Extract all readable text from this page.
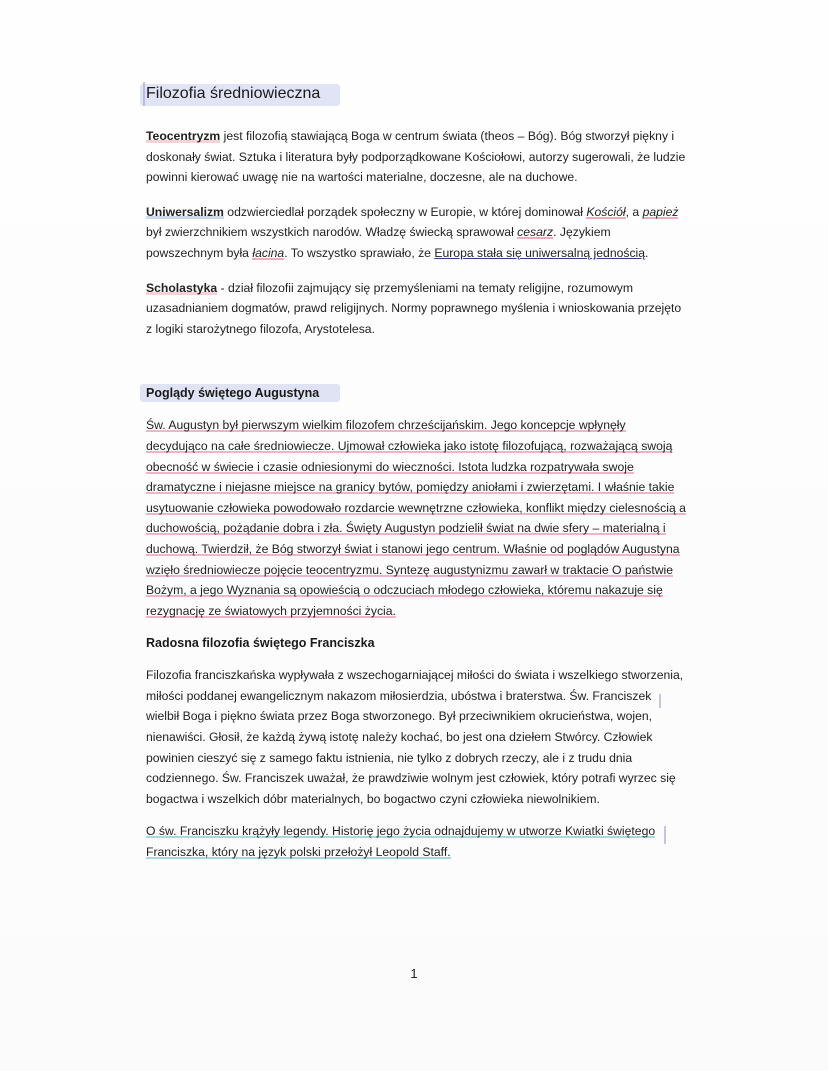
Filozofia średniowieczna

Teocentryzm jest filozofią stawiającą Boga w centrum świata (theos – Bóg). Bóg stworzył piękny i doskonały świat. Sztuka i literatura były podporządkowane Kościołowi, autorzy sugerowali, że ludzie powinni kierować uwagę nie na wartości materialne, doczesne, ale na duchowe.

Uniwersalizm odzwierciedlał porządek społeczny w Europie, w której dominował Kościół, a papież był zwierzchnikiem wszystkich narodów. Władzę świecką sprawował cesarz. Językiem powszechnym była łacina. To wszystko sprawiało, że Europa stała się uniwersalną jednością.

Scholastyka - dział filozofii zajmujący się przemyśleniami na tematy religijne, rozumowym uzasadnianiem dogmatów, prawd religijnych. Normy poprawnego myślenia i wnioskowania przejęto z logiki starożytnego filozofa, Arystotelesa.

Poglądy świętego Augustyna

Św. Augustyn był pierwszym wielkim filozofem chrześcijańskim. Jego koncepcje wpłynęły decydująco na całe średniowiecze. Ujmował człowieka jako istotę filozofującą, rozważającą swoją obecność w świecie i czasie odniesionymi do wieczności. Istota ludzka rozpatrywała swoje dramatyczne i niejasne miejsce na granicy bytów, pomiędzy aniołami i zwierzętami. I właśnie takie usytuowanie człowieka powodowało rozdarcie wewnętrzne człowieka, konflikt między cielesnością a duchowością, pożądanie dobra i zła. Święty Augustyn podzielił świat na dwie sfery – materialną i duchową. Twierdził, że Bóg stworzył świat i stanowi jego centrum. Właśnie od poglądów Augustyna wzięło średniowiecze pojęcie teocentryzmu. Syntezę augustynizmu zawarł w traktacie O państwie Bożym, a jego Wyznania są opowieścią o odczuciach młodego człowieka, któremu nakazuje się rezygnację ze światowych przyjemności życia.

Radosna filozofia świętego Franciszka

Filozofia franciszkańska wypływała z wszechogarniającej miłości do świata i wszelkiego stworzenia, miłości poddanej ewangelicznym nakazom miłosierdzia, ubóstwa i braterstwa. Św. Franciszek wielbił Boga i piękno świata przez Boga stworzonego. Był przeciwnikiem okrucieństwa, wojen, nienawiści. Głosił, że każdą żywą istotę należy kochać, bo jest ona dziełem Stwórcy. Człowiek powinien cieszyć się z samego faktu istnienia, nie tylko z dobrych rzeczy, ale i z trudu dnia codziennego. Św. Franciszek uważał, że prawdziwie wolnym jest człowiek, który potrafi wyrzec się bogactwa i wszelkich dóbr materialnych, bo bogactwo czyni człowieka niewolnikiem.

O św. Franciszku krążyły legendy. Historię jego życia odnajdujemy w utworze Kwiatki świętego Franciszka, który na język polski przełożył Leopold Staff.

1
